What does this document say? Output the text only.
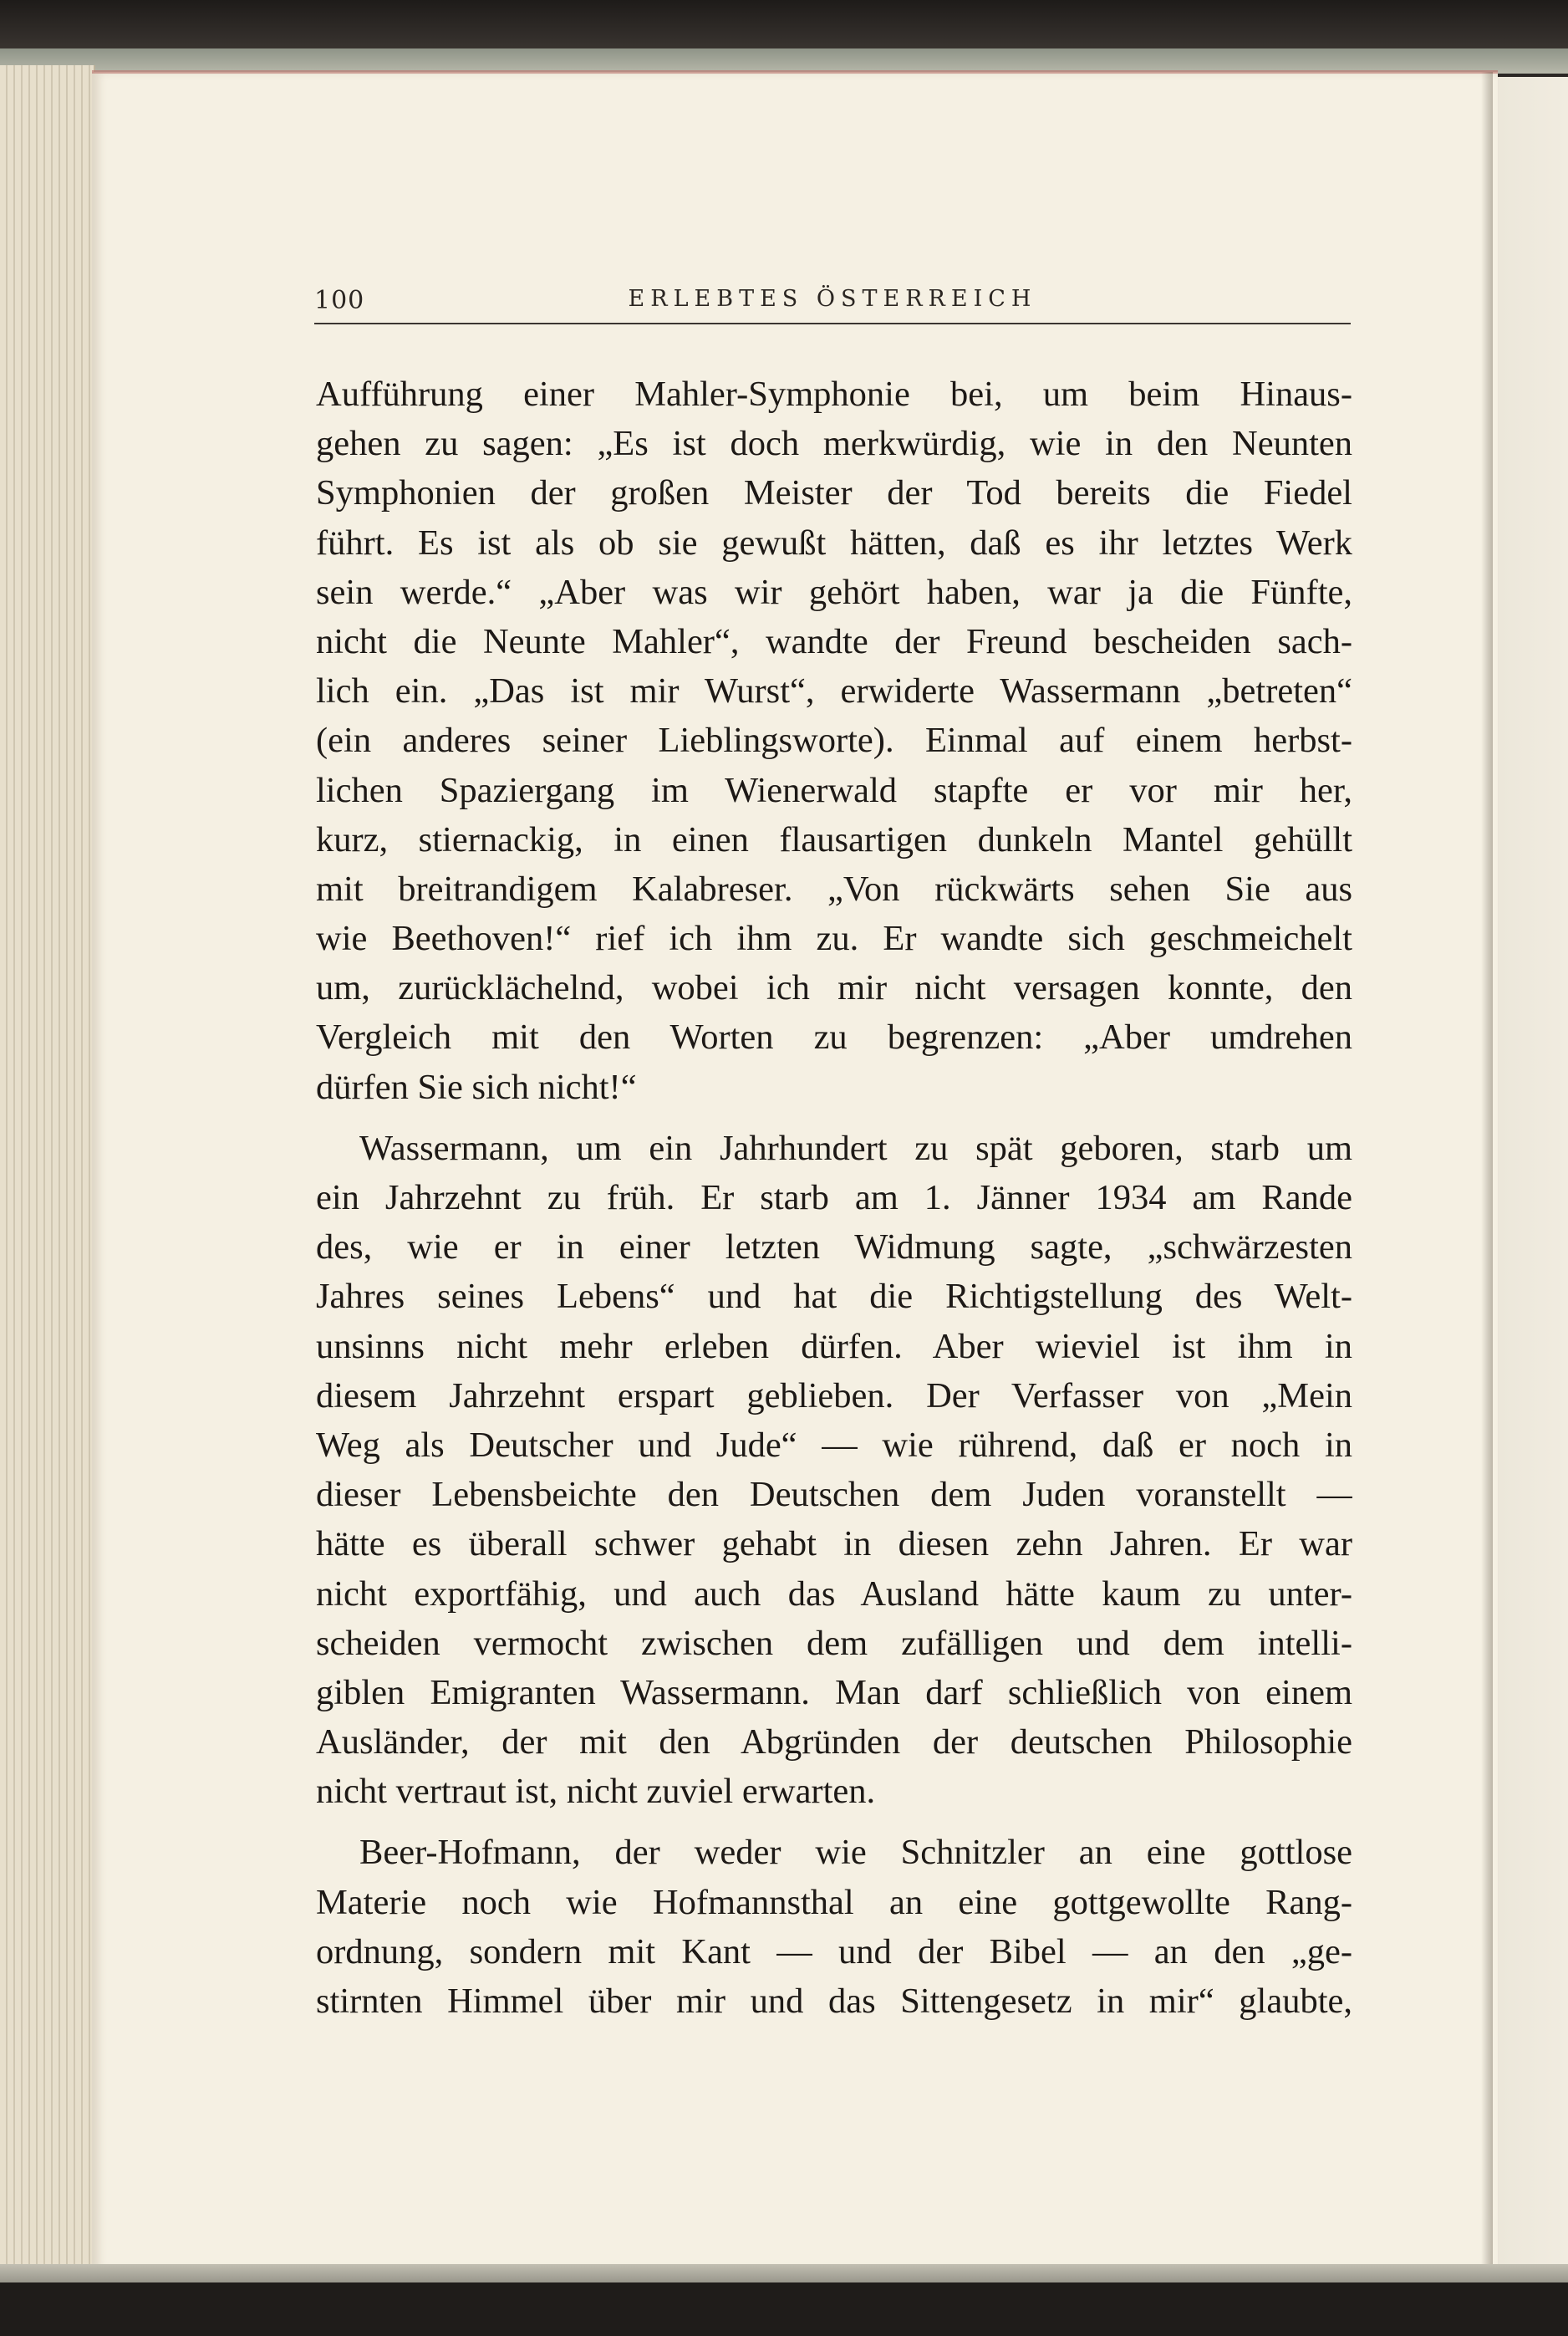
100	ERLEBTES ÖSTERREICH
Aufführung einer Mahler-Symphonie bei, um beim Hinaus-
gehen zu sagen: „Es ist doch merkwürdig, wie in den Neunten
Symphonien der großen Meister der Tod bereits die Fiedel
führt. Es ist als ob sie gewußt hätten, daß es ihr letztes Werk
sein werde.“ „Aber was wir gehört haben, war ja die Fünfte,
nicht die Neunte Mahler“, wandte der Freund bescheiden sach-
lich ein. „Das ist mir Wurst“, erwiderte Wassermann „betreten“
(ein anderes seiner Lieblingsworte). Einmal auf einem herbst-
lichen Spaziergang im Wienerwald stapfte er vor mir her,
kurz, stiernackig, in einen flausartigen dunkeln Mantel gehüllt
mit breitrandigem Kalabreser. „Von rückwärts sehen Sie aus
wie Beethoven!“ rief ich ihm zu. Er wandte sich geschmeichelt
um, zurücklächelnd, wobei ich mir nicht versagen konnte, den
Vergleich mit den Worten zu begrenzen: „Aber umdrehen
dürfen Sie sich nicht!“
Wassermann, um ein Jahrhundert zu spät geboren, starb um
ein Jahrzehnt zu früh. Er starb am 1. Jänner 1934 am Rande
des, wie er in einer letzten Widmung sagte, „schwärzesten
Jahres seines Lebens“ und hat die Richtigstellung des Welt-
unsinns nicht mehr erleben dürfen. Aber wieviel ist ihm in
diesem Jahrzehnt erspart geblieben. Der Verfasser von „Mein
Weg als Deutscher und Jude“ — wie rührend, daß er noch in
dieser Lebensbeichte den Deutschen dem Juden voranstellt —
hätte es überall schwer gehabt in diesen zehn Jahren. Er war
nicht exportfähig, und auch das Ausland hätte kaum zu unter-
scheiden vermocht zwischen dem zufälligen und dem intelli-
giblen Emigranten Wassermann. Man darf schließlich von einem
Ausländer, der mit den Abgründen der deutschen Philosophie
nicht vertraut ist, nicht zuviel erwarten.
Beer-Hofmann, der weder wie Schnitzler an eine gottlose
Materie noch wie Hofmannsthal an eine gottgewollte Rang-
ordnung, sondern mit Kant — und der Bibel — an den „ge-
stirnten Himmel über mir und das Sittengesetz in mir“ glaubte,
